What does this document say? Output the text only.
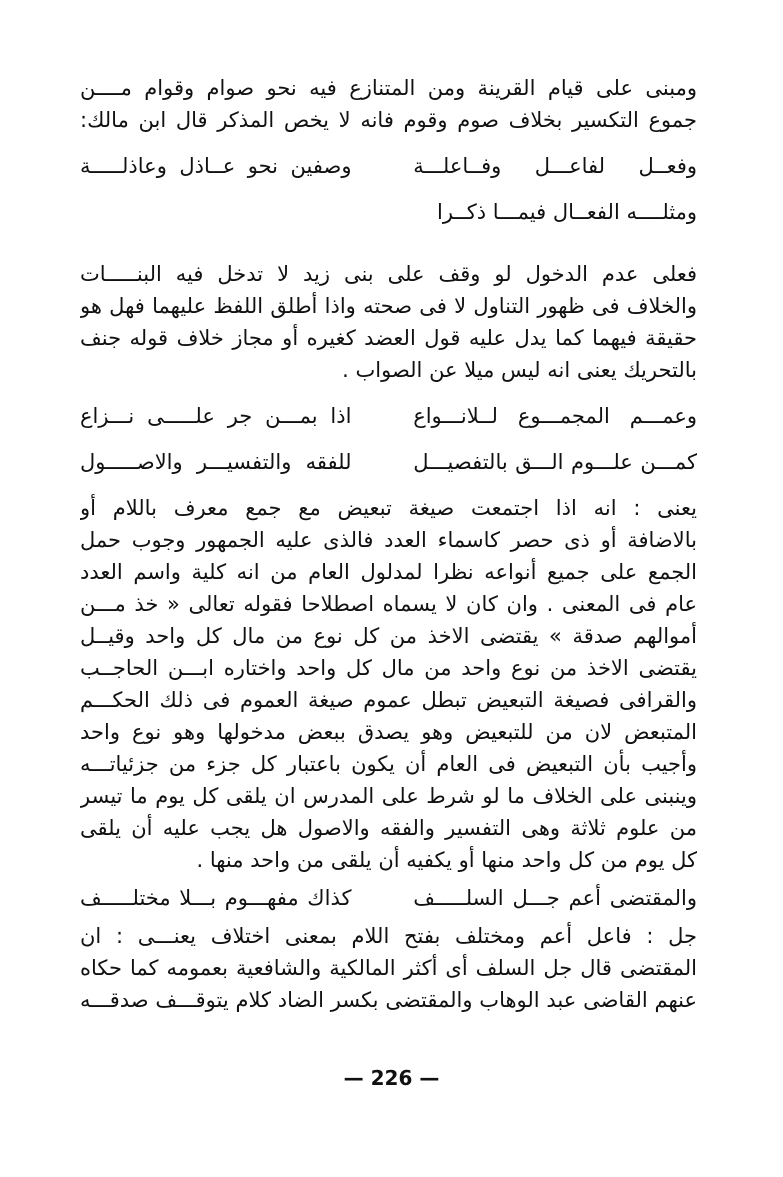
ومبنى على قيام القرينة ومن المتنازع فيه نحو صوام وقوام مــــن
جموع التكسير بخلاف صوم وقوم فانه لا يخص المذكر قال ابن مالك:
وفعــل لفاعـــل وفــاعلـــة
وصفين نحو عــاذل وعاذلـــــة
ومثلــــه الفعــال فيمـــا ذكــرا
فعلى عدم الدخول لو وقف على بنى زيد لا تدخل فيه البنـــــات
والخلاف فى ظهور التناول لا فى صحته واذا أطلق اللفظ عليهما فهل هو
حقيقة فيهما كما يدل عليه قول العضد كغيره أو مجاز خلاف قوله جنف
بالتحريك يعنى انه ليس ميلا عن الصواب .
وعمـــم المجمـــوع لــلانـــواع
اذا بمـــن جر علـــــى نـــزاع
كمـــن علـــوم الـــق بالتفصيـــل
للفقه والتفسيـــر والاصـــــول
يعنى : انه اذا اجتمعت صيغة تبعيض مع جمع معرف باللام أو
بالاضافة أو ذى حصر كاسماء العدد فالذى عليه الجمهور وجوب حمل
الجمع على جميع أنواعه نظرا لمدلول العام من انه كلية واسم العدد
عام فى المعنى . وان كان لا يسماه اصطلاحا فقوله تعالى « خذ مـــن
أموالهم صدقة » يقتضى الاخذ من كل نوع من مال كل واحد وقيــل
يقتضى الاخذ من نوع واحد من مال كل واحد واختاره ابـــن الحاجــب
والقرافى فصيغة التبعيض تبطل عموم صيغة العموم فى ذلك الحكـــم
المتبعض لان من للتبعيض وهو يصدق ببعض مدخولها وهو نوع واحد
وأجيب بأن التبعيض فى العام أن يكون باعتبار كل جزء من جزئياتـــه
وينبنى على الخلاف ما لو شرط على المدرس ان يلقى كل يوم ما تيسر
من علوم ثلاثة وهى التفسير والفقه والاصول هل يجب عليه أن يلقى
كل يوم من كل واحد منها أو يكفيه أن يلقى من واحد منها .
والمقتضى أعم جـــل السلـــــف
كذاك مفهـــوم بـــلا مختلـــــف
جل : فاعل أعم ومختلف بفتح اللام بمعنى اختلاف يعنـــى : ان
المقتضى قال جل السلف أى أكثر المالكية والشافعية بعمومه كما حكاه
عنهم القاضى عبد الوهاب والمقتضى بكسر الضاد كلام يتوقـــف صدقـــه
— 226 —
